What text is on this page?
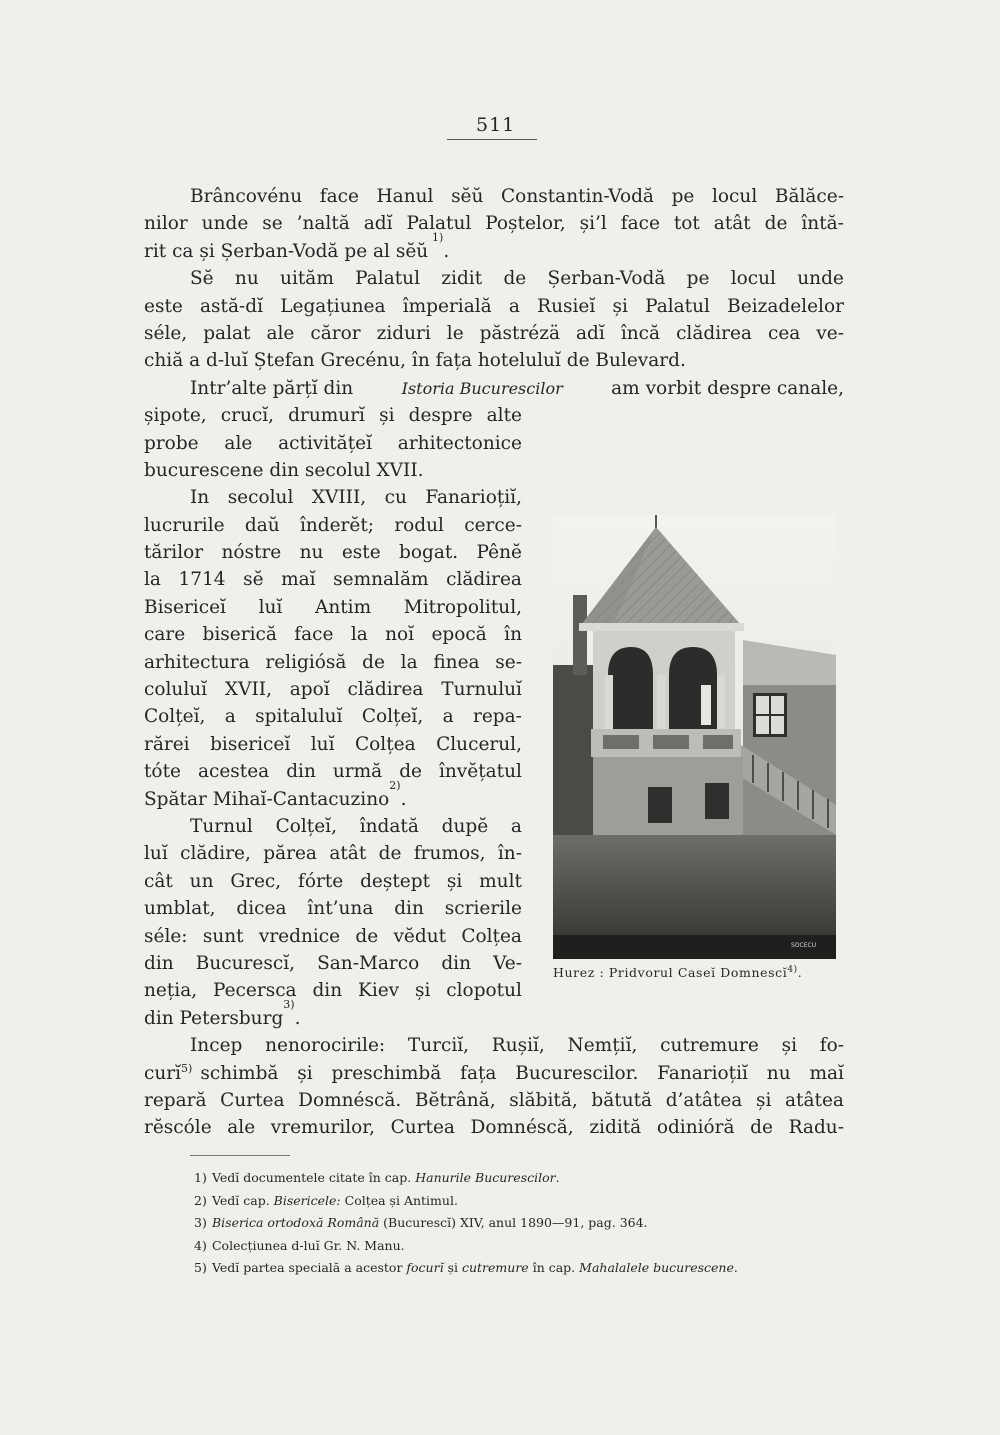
511
Brâncovénu face Hanul sĕŭ Constantin-Vodă pe locul Bălăce-
nilor unde se ’naltă adĭ Palatul Poștelor, și’l face tot atât de întă-
rit ca și Șerban-Vodă pe al sĕŭ
1)
.
Sĕ nu uităm Palatul zidit de Șerban-Vodă pe locul unde
este astă-dĭ Legațiunea împerială a Rusieĭ și Palatul Beizadelelor
séle, palat ale căror ziduri le păstrézä adĭ încă clădirea cea ve-
chiă a d-luĭ Ștefan Grecénu, în fața hoteluluĭ de Bulevard.
Intr’alte părțĭ din	Istoria Bucurescilor	am vorbit despre canale,
șipote, crucĭ, drumurĭ și despre alte
probe ale activitățeĭ arhitectonice
bucurescene din secolul XVII.
In secolul XVIII, cu Fanarioțiĭ,
lucrurile daŭ înderĕt; rodul cerce-
tărilor nóstre nu este bogat. Pênĕ
la 1714 sĕ maĭ semnalăm clădirea
Bisericeĭ luĭ Antim Mitropolitul,
care biserică face la noĭ epocă în
arhitectura religiósă de la finea se-
coluluĭ XVII, apoĭ clădirea Turnuluĭ
Colțeĭ, a spitaluluĭ Colțeĭ, a repa-
rărei bisericeĭ luĭ Colțea Clucerul,
tóte acestea din urmă de învĕțatul
Spătar Mihaĭ-Cantacuzino
2)
.
Turnul Colțeĭ, îndată dupĕ a
luĭ clădire, părea atât de frumos, în-
cât un Grec, fórte deștept și mult
umblat, dicea înt’una din scrierile
séle: sunt vrednice de vĕdut Colțea
din Bucurescĭ, San-Marco din Ve-
neția, Pecersca din Kiev și clopotul
din Petersburg
3)
.
Incep nenorocirile: Turciĭ, Rușiĭ, Nemțiĭ, cutremure și fo-
curĭ$^{5)}$ schimbă și preschimbă fața Bucurescilor. Fanarioțiĭ nu maĭ
repară Curtea Domnéscă. Bĕtrână, slăbită, bătută d’atâtea și atâtea
rĕscóle ale vremurilor, Curtea Domnéscă, zidită odinióră de Radu-
SOCECU
Hurez : Pridvorul Caseĭ Domnescĭ$^{4)}$.
1) Vedĭ documentele citate în cap. Hanurile Bucurescilor.
2) Vedĭ cap. Bisericele: Colțea și Antimul.
3) Biserica ortodoxă Română (Bucurescĭ) XIV, anul 1890—91, pag. 364.
4) Colecțiunea d-luĭ Gr. N. Manu.
5) Vedĭ partea specială a acestor focurĭ și cutremure în cap. Mahalalele bucurescene.
